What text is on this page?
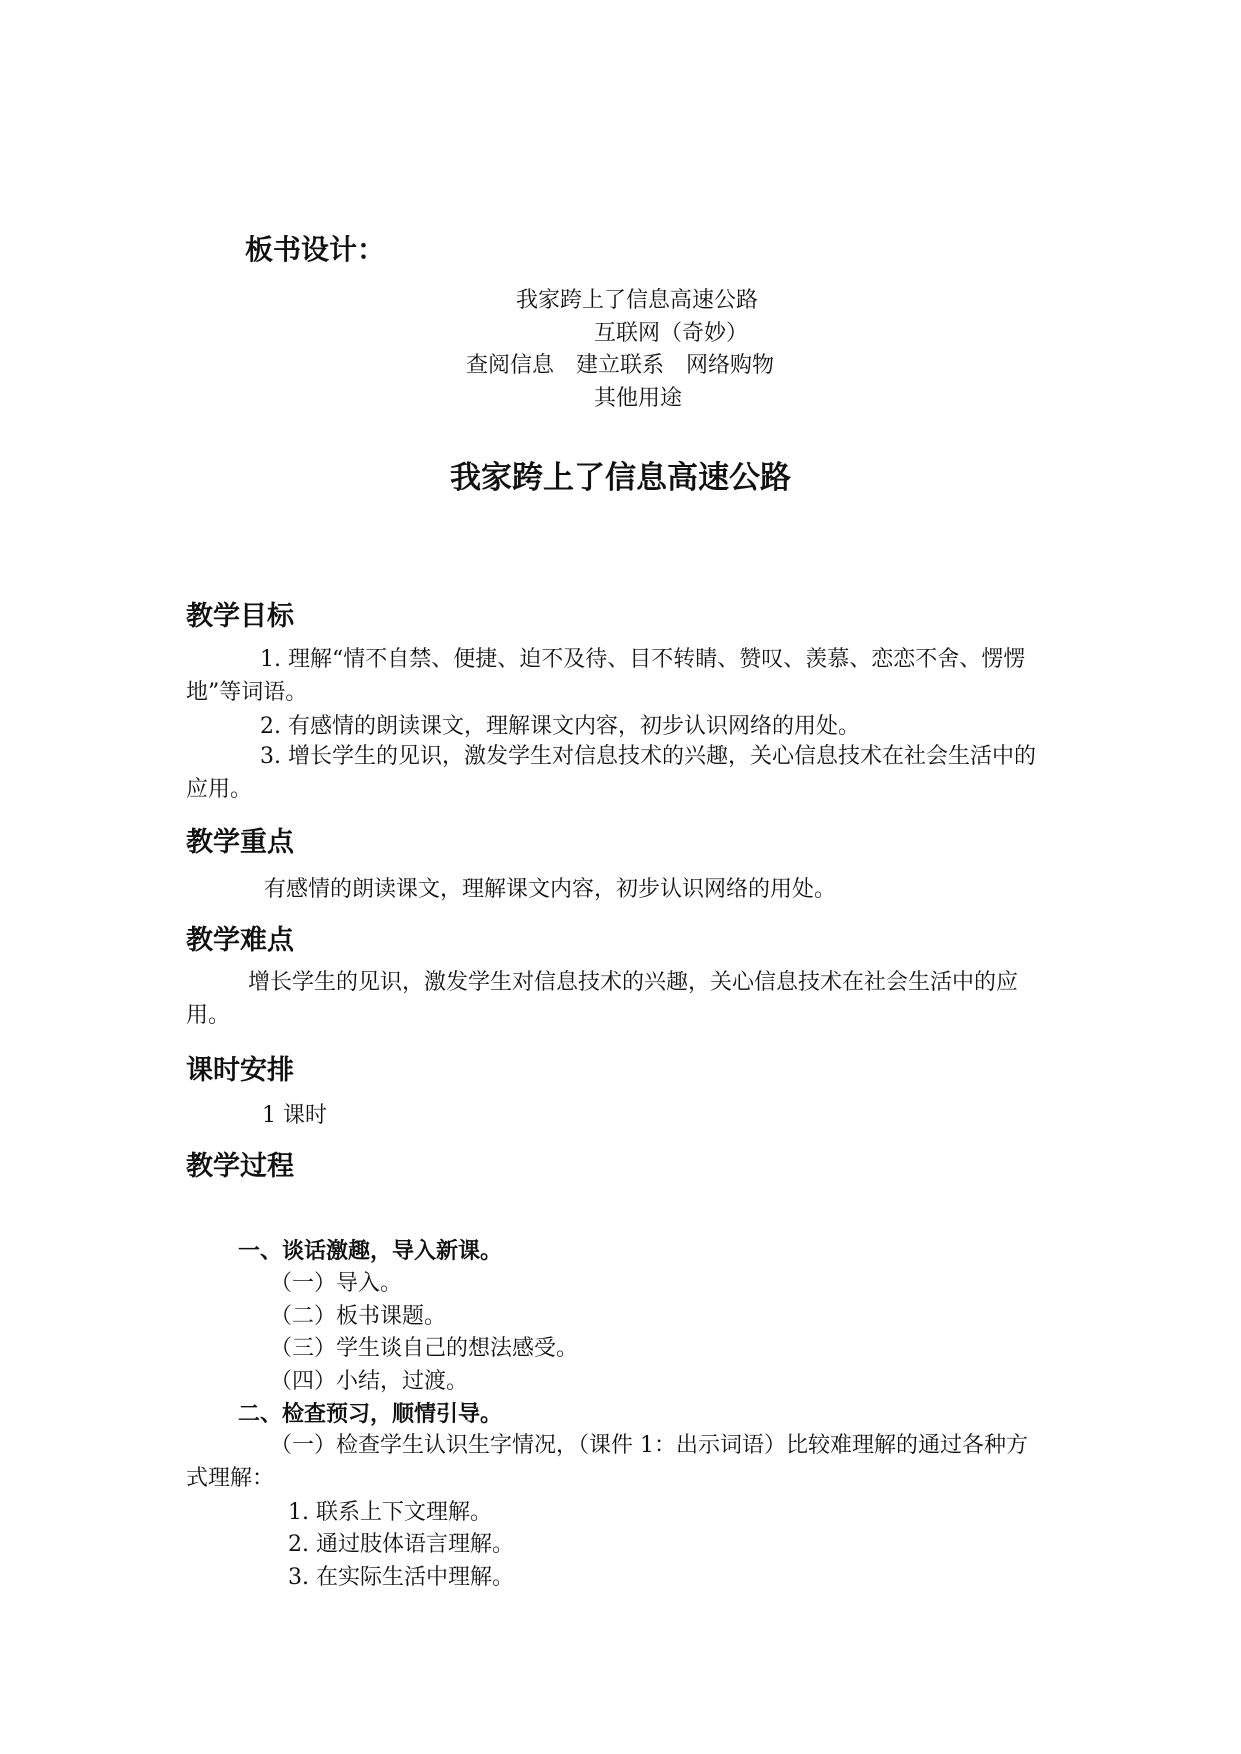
板书设计：
我家跨上了信息高速公路
互联网（奇妙）
查阅信息　建立联系　网络购物
其他用途
我家跨上了信息高速公路
教学目标
1. 理解“情不自禁、便捷、迫不及待、目不转睛、赞叹、羡慕、恋恋不舍、愣愣地”等词语。
2. 有感情的朗读课文，理解课文内容，初步认识网络的用处。
3. 增长学生的见识，激发学生对信息技术的兴趣，关心信息技术在社会生活中的应用。
教学重点
有感情的朗读课文，理解课文内容，初步认识网络的用处。
教学难点
增长学生的见识，激发学生对信息技术的兴趣，关心信息技术在社会生活中的应用。
课时安排
1 课时
教学过程
一、谈话激趣，导入新课。
（一）导入。
（二）板书课题。
（三）学生谈自己的想法感受。
（四）小结，过渡。
二、检查预习，顺情引导。
（一）检查学生认识生字情况，（课件 1：出示词语）比较难理解的通过各种方式理解：
1. 联系上下文理解。
2. 通过肢体语言理解。
3. 在实际生活中理解。
